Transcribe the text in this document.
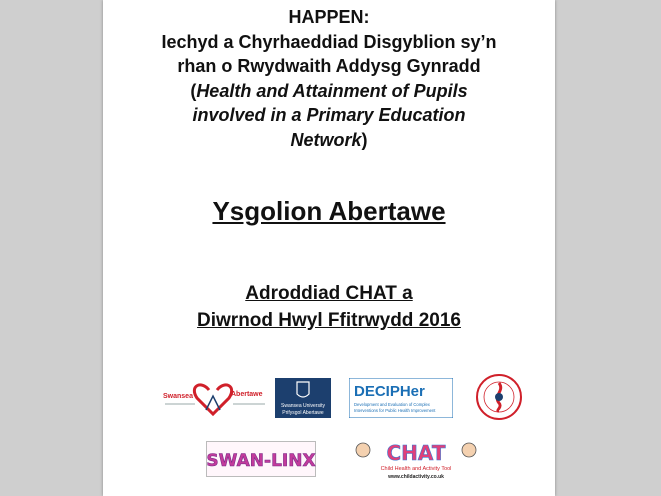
HAPPEN:
Iechyd a Chyrhaeddiad Disgyblion sy’n
rhan o Rwydwaith Addysg Gynradd
(Health and Attainment of Pupils
involved in a Primary Education
Network)
Ysgolion Abertawe
Adroddiad CHAT a
Diwrnod Hwyl Ffitrwydd 2016
Swansea	Abertawe
Swansea University
Prifysgol Abertawe
DECIPHer
Development and Evaluation of Complex
Interventions for Public Health Improvement
SWAN-LINX	CHAT
Child Health and Activity Tool
www.childactivity.co.uk
